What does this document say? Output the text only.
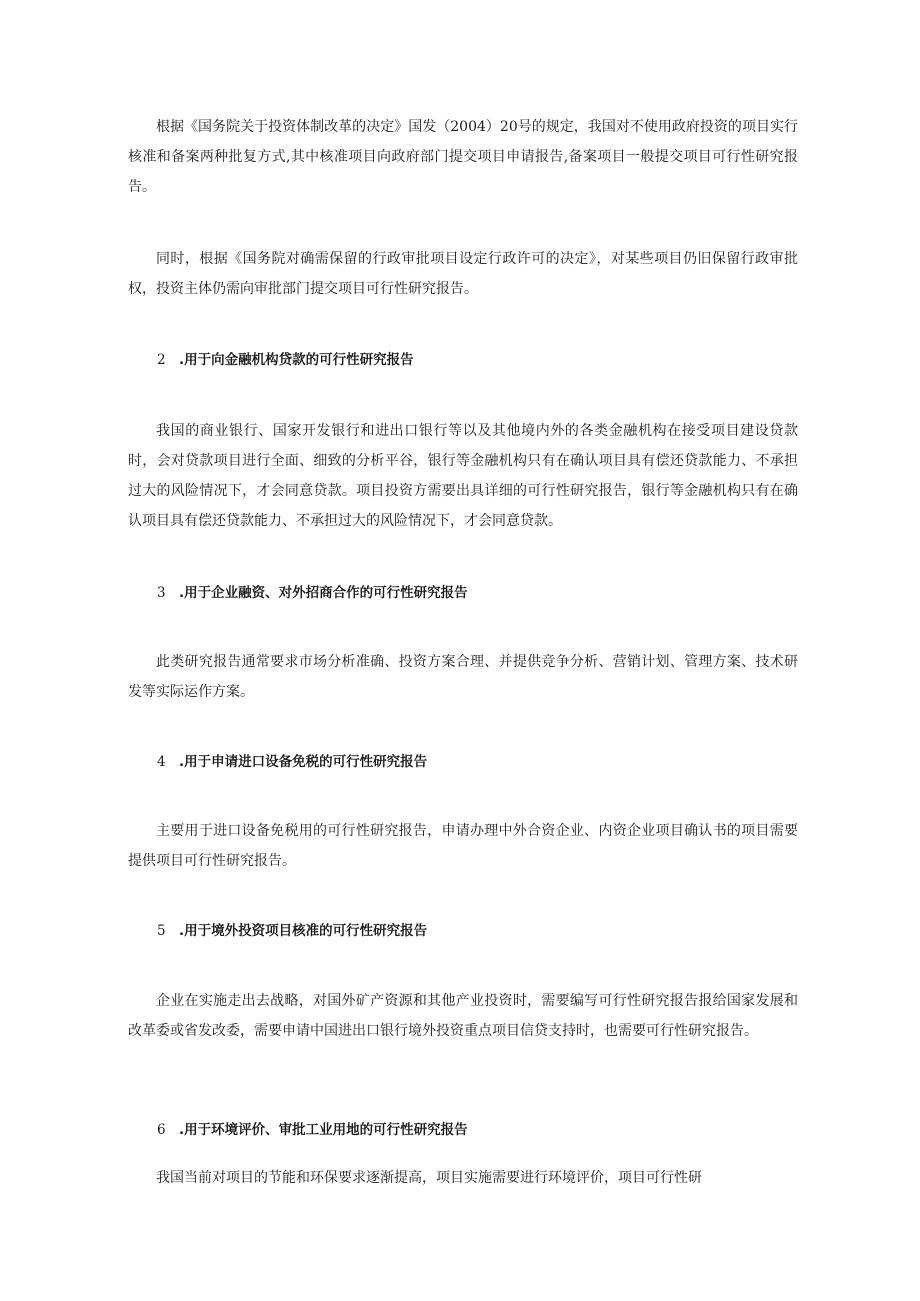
根据《国务院关于投资体制改革的决定》国发（2004）20号的规定，我国对不使用政府投资的项目实行核准和备案两种批复方式,其中核准项目向政府部门提交项目申请报告,备案项目一般提交项目可行性研究报告。

同时，根据《国务院对确需保留的行政审批项目设定行政许可的决定》，对某些项目仍旧保留行政审批权，投资主体仍需向审批部门提交项目可行性研究报告。

2 .用于向金融机构贷款的可行性研究报告

我国的商业银行、国家开发银行和进出口银行等以及其他境内外的各类金融机构在接受项目建设贷款时，会对贷款项目进行全面、细致的分析平谷，银行等金融机构只有在确认项目具有偿还贷款能力、不承担过大的风险情况下，才会同意贷款。项目投资方需要出具详细的可行性研究报告，银行等金融机构只有在确认项目具有偿还贷款能力、不承担过大的风险情况下，才会同意贷款。

3 .用于企业融资、对外招商合作的可行性研究报告

此类研究报告通常要求市场分析准确、投资方案合理、并提供竞争分析、营销计划、管理方案、技术研发等实际运作方案。

4 .用于申请进口设备免税的可行性研究报告

主要用于进口设备免税用的可行性研究报告，申请办理中外合资企业、内资企业项目确认书的项目需要提供项目可行性研究报告。

5 .用于境外投资项目核准的可行性研究报告

企业在实施走出去战略，对国外矿产资源和其他产业投资时，需要编写可行性研究报告报给国家发展和改革委或省发改委，需要申请中国进出口银行境外投资重点项目信贷支持时，也需要可行性研究报告。

6 .用于环境评价、审批工业用地的可行性研究报告

我国当前对项目的节能和环保要求逐渐提高，项目实施需要进行环境评价，项目可行性研
